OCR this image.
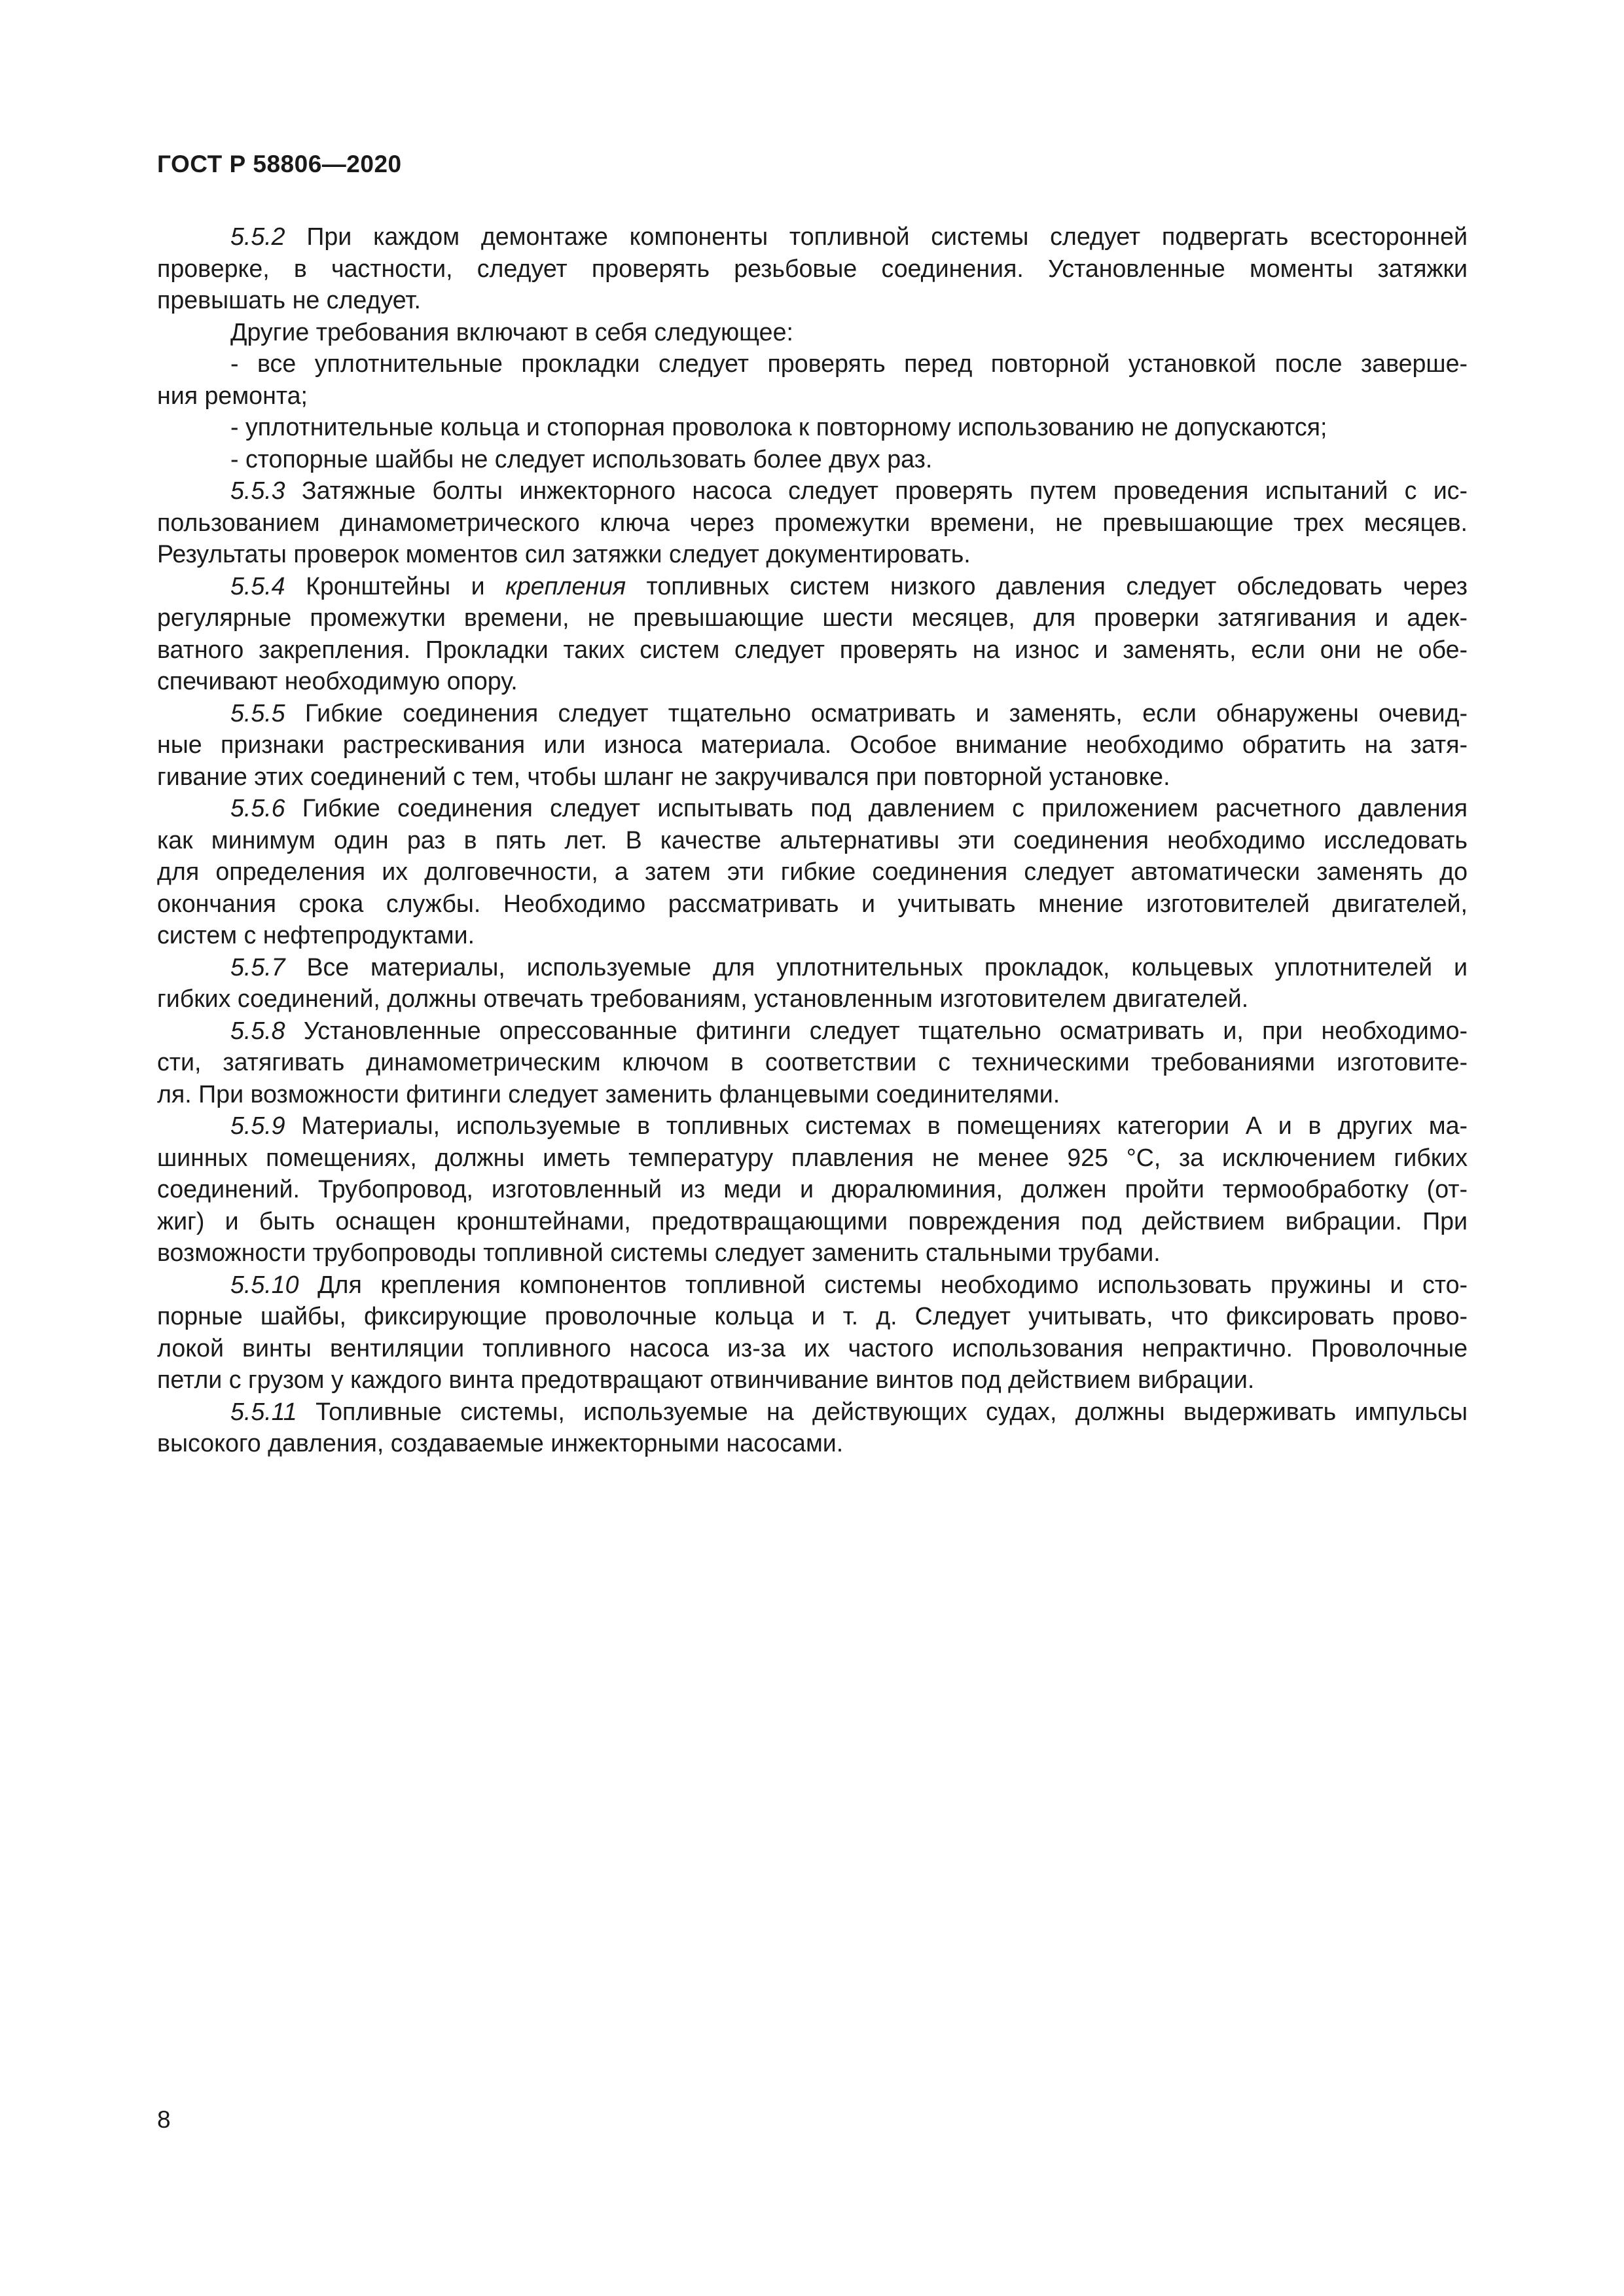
ГОСТ Р 58806—2020
5.5.2 При каждом демонтаже компоненты топливной системы следует подвергать всесторонней
проверке, в частности, следует проверять резьбовые соединения. Установленные моменты затяжки
превышать не следует.
Другие требования включают в себя следующее:
- все уплотнительные прокладки следует проверять перед повторной установкой после заверше-
ния ремонта;
- уплотнительные кольца и стопорная проволока к повторному использованию не допускаются;
- стопорные шайбы не следует использовать более двух раз.
5.5.3 Затяжные болты инжекторного насоса следует проверять путем проведения испытаний с ис-
пользованием динамометрического ключа через промежутки времени, не превышающие трех месяцев.
Результаты проверок моментов сил затяжки следует документировать.
5.5.4 Кронштейны и крепления топливных систем низкого давления следует обследовать через
регулярные промежутки времени, не превышающие шести месяцев, для проверки затягивания и адек-
ватного закрепления. Прокладки таких систем следует проверять на износ и заменять, если они не обе-
спечивают необходимую опору.
5.5.5 Гибкие соединения следует тщательно осматривать и заменять, если обнаружены очевид-
ные признаки растрескивания или износа материала. Особое внимание необходимо обратить на затя-
гивание этих соединений с тем, чтобы шланг не закручивался при повторной установке.
5.5.6 Гибкие соединения следует испытывать под давлением с приложением расчетного давления
как минимум один раз в пять лет. В качестве альтернативы эти соединения необходимо исследовать
для определения их долговечности, а затем эти гибкие соединения следует автоматически заменять до
окончания срока службы. Необходимо рассматривать и учитывать мнение изготовителей двигателей,
систем с нефтепродуктами.
5.5.7 Все материалы, используемые для уплотнительных прокладок, кольцевых уплотнителей и
гибких соединений, должны отвечать требованиям, установленным изготовителем двигателей.
5.5.8 Установленные опрессованные фитинги следует тщательно осматривать и, при необходимо-
сти, затягивать динамометрическим ключом в соответствии с техническими требованиями изготовите-
ля. При возможности фитинги следует заменить фланцевыми соединителями.
5.5.9 Материалы, используемые в топливных системах в помещениях категории А и в других ма-
шинных помещениях, должны иметь температуру плавления не менее 925 °С, за исключением гибких
соединений. Трубопровод, изготовленный из меди и дюралюминия, должен пройти термообработку (от-
жиг) и быть оснащен кронштейнами, предотвращающими повреждения под действием вибрации. При
возможности трубопроводы топливной системы следует заменить стальными трубами.
5.5.10 Для крепления компонентов топливной системы необходимо использовать пружины и сто-
порные шайбы, фиксирующие проволочные кольца и т. д. Следует учитывать, что фиксировать прово-
локой винты вентиляции топливного насоса из-за их частого использования непрактично. Проволочные
петли с грузом у каждого винта предотвращают отвинчивание винтов под действием вибрации.
5.5.11 Топливные системы, используемые на действующих судах, должны выдерживать импульсы
высокого давления, создаваемые инжекторными насосами.
8
